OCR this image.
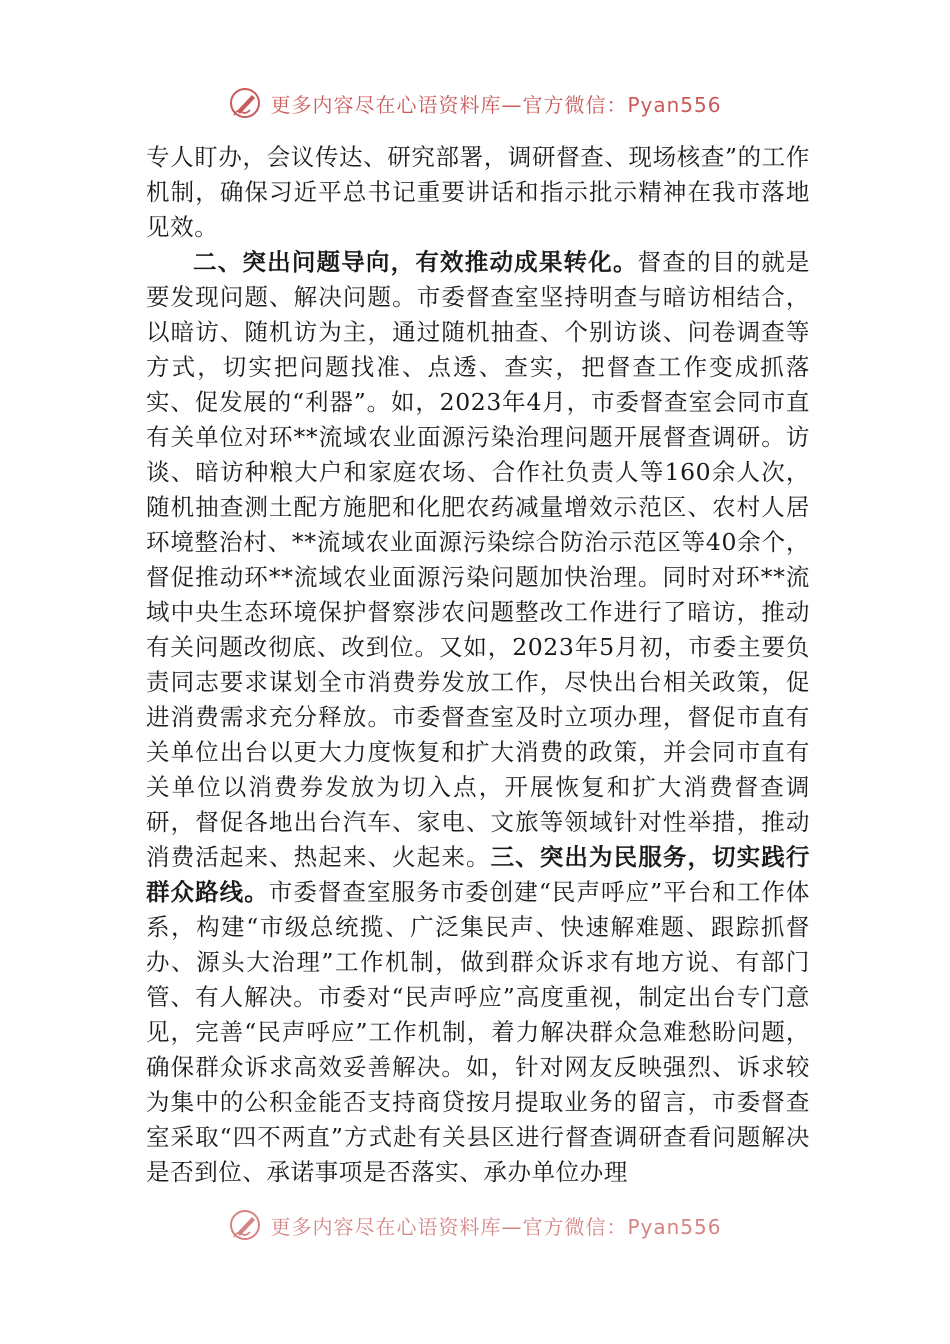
更多内容尽在心语资料库—官方微信：Pyan556

专人盯办，会议传达、研究部署，调研督查、现场核查”的工作机制，确保习近平总书记重要讲话和指示批示精神在我市落地见效。

二、突出问题导向，有效推动成果转化。督查的目的就是要发现问题、解决问题。市委督查室坚持明查与暗访相结合，以暗访、随机访为主，通过随机抽查、个别访谈、问卷调查等方式，切实把问题找准、点透、查实，把督查工作变成抓落实、促发展的“利器”。如，2023年4月，市委督查室会同市直有关单位对环**流域农业面源污染治理问题开展督查调研。访谈、暗访种粮大户和家庭农场、合作社负责人等160余人次，随机抽查测土配方施肥和化肥农药减量增效示范区、农村人居环境整治村、**流域农业面源污染综合防治示范区等40余个，督促推动环**流域农业面源污染问题加快治理。同时对环**流域中央生态环境保护督察涉农问题整改工作进行了暗访，推动有关问题改彻底、改到位。又如，2023年5月初，市委主要负责同志要求谋划全市消费券发放工作，尽快出台相关政策，促进消费需求充分释放。市委督查室及时立项办理，督促市直有关单位出台以更大力度恢复和扩大消费的政策，并会同市直有关单位以消费券发放为切入点，开展恢复和扩大消费督查调研，督促各地出台汽车、家电、文旅等领域针对性举措，推动消费活起来、热起来、火起来。三、突出为民服务，切实践行群众路线。市委督查室服务市委创建“民声呼应”平台和工作体系，构建“市级总统揽、广泛集民声、快速解难题、跟踪抓督办、源头大治理”工作机制，做到群众诉求有地方说、有部门管、有人解决。市委对“民声呼应”高度重视，制定出台专门意见，完善“民声呼应”工作机制，着力解决群众急难愁盼问题，确保群众诉求高效妥善解决。如，针对网友反映强烈、诉求较为集中的公积金能否支持商贷按月提取业务的留言，市委督查室采取“四不两直”方式赴有关县区进行督查调研查看问题解决是否到位、承诺事项是否落实、承办单位办理

更多内容尽在心语资料库—官方微信：Pyan556
